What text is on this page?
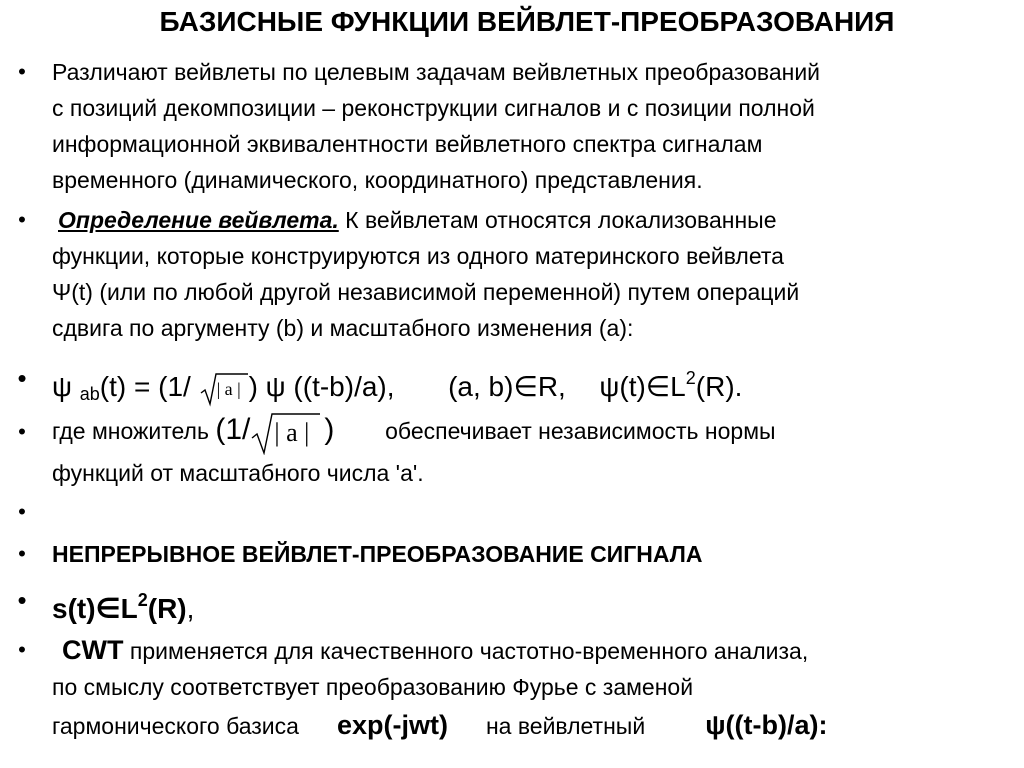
БАЗИСНЫЕ ФУНКЦИИ ВЕЙВЛЕТ-ПРЕОБРАЗОВАНИЯ
• Различают вейвлеты по целевым задачам вейвлетных преобразований
с позиций декомпозиции – реконструкции сигналов и с позиции полной
информационной эквивалентности вейвлетного спектра сигналам
временного (динамического, координатного) представления.
• Определение вейвлета. К вейвлетам относятся локализованные
функции, которые конструируются из одного материнского вейвлета
Ψ(t) (или по любой другой независимой переменной) путем операций
сдвига по аргументу (b) и масштабного изменения (a):
• ψ $_{ab}$(t) = (1/ | a | ) ψ ((t-b)/a), (a, b)∈R, $\psi(t)\in L^2(R)$.
• где множитель (1/ | a | ) обеспечивает независимость нормы
функций от масштабного числа 'а'.
•
• НЕПРЕРЫВНОЕ ВЕЙВЛЕТ-ПРЕОБРАЗОВАНИЕ СИГНАЛА
• $s(t)\in L^2(R)$,
•	CWT применяется для качественного частотно-временного анализа,
по смыслу соответствует преобразованию Фурье с заменой
гармонического базиса exp(-jwt) на вейвлетный ψ((t-b)/a):
